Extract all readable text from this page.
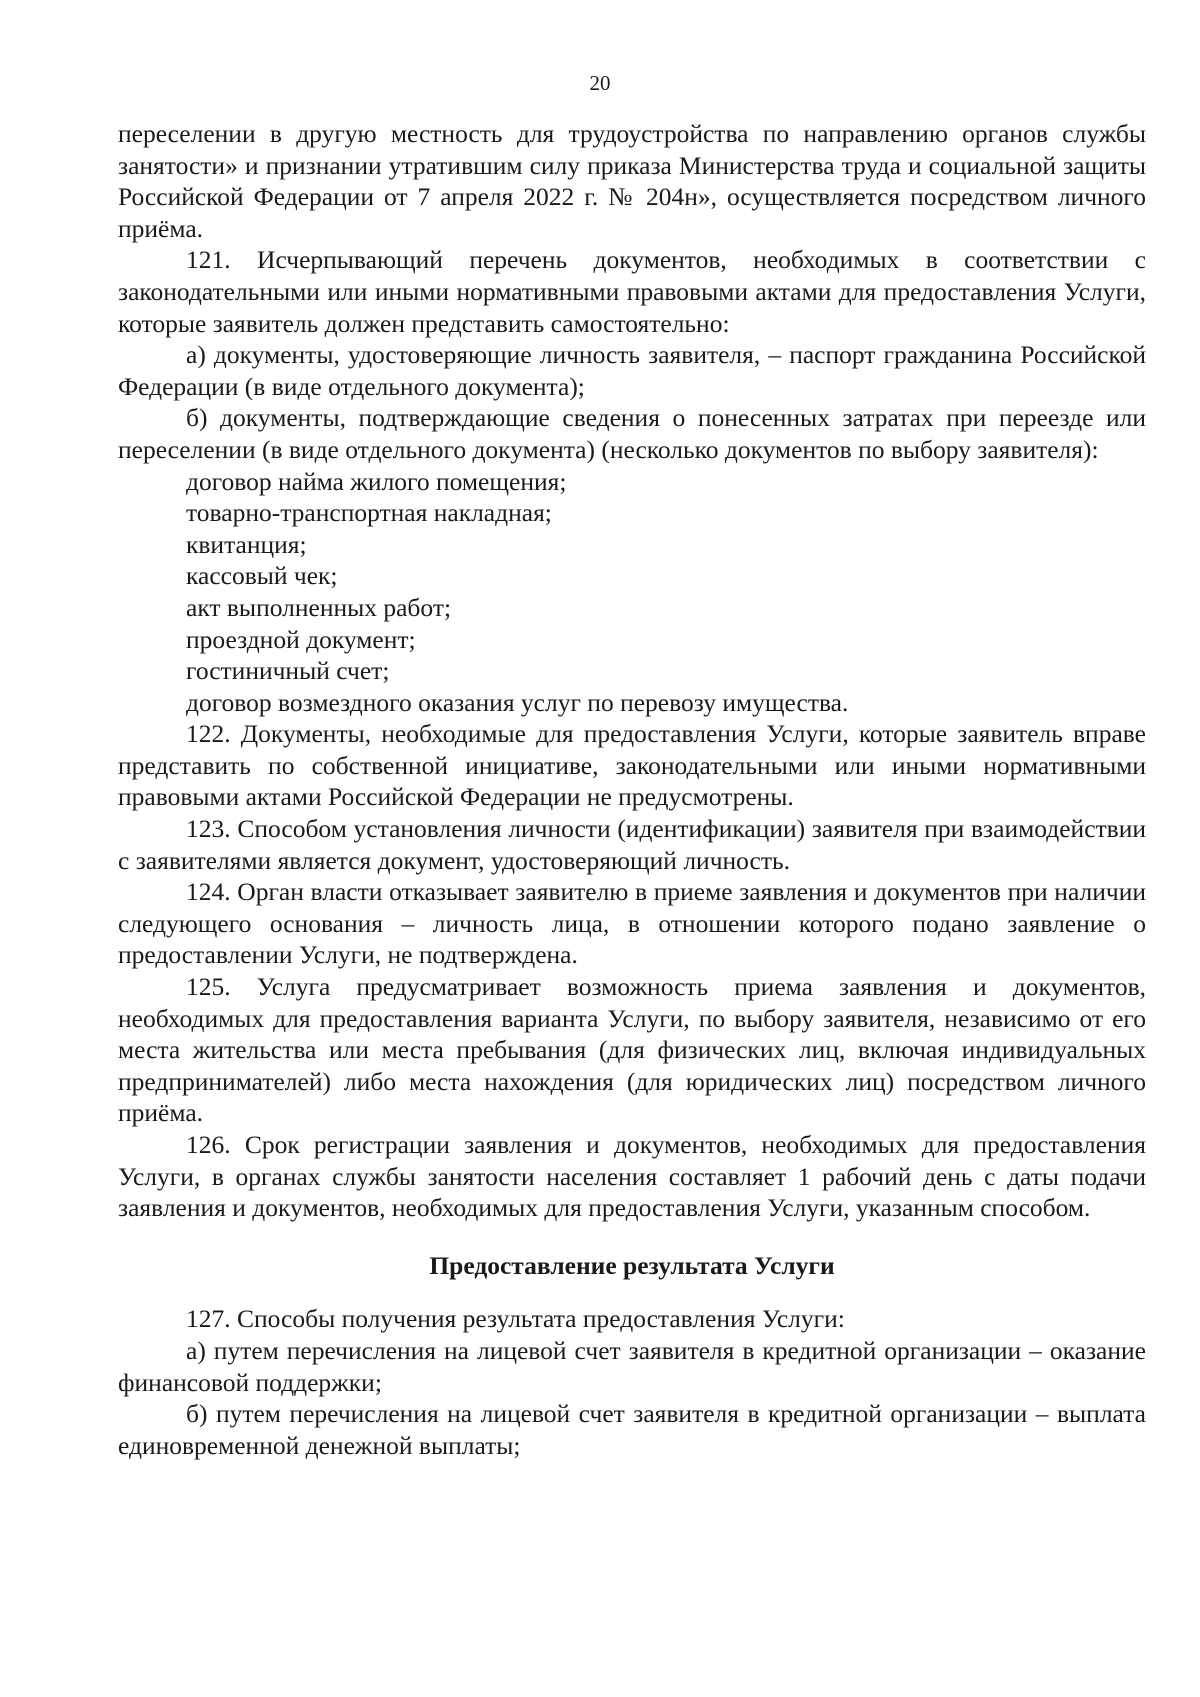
20

переселении в другую местность для трудоустройства по направлению органов службы занятости» и признании утратившим силу приказа Министерства труда и социальной защиты Российской Федерации от 7 апреля 2022 г. № 204н», осуществляется посредством личного приёма.

121. Исчерпывающий перечень документов, необходимых в соответствии с законодательными или иными нормативными правовыми актами для предоставления Услуги, которые заявитель должен представить самостоятельно:

а) документы, удостоверяющие личность заявителя, – паспорт гражданина Российской Федерации (в виде отдельного документа);

б) документы, подтверждающие сведения о понесенных затратах при переезде или переселении (в виде отдельного документа) (несколько документов по выбору заявителя):

договор найма жилого помещения;

товарно-транспортная накладная;

квитанция;

кассовый чек;

акт выполненных работ;

проездной документ;

гостиничный счет;

договор возмездного оказания услуг по перевозу имущества.

122. Документы, необходимые для предоставления Услуги, которые заявитель вправе представить по собственной инициативе, законодательными или иными нормативными правовыми актами Российской Федерации не предусмотрены.

123. Способом установления личности (идентификации) заявителя при взаимодействии с заявителями является документ, удостоверяющий личность.

124. Орган власти отказывает заявителю в приеме заявления и документов при наличии следующего основания – личность лица, в отношении которого подано заявление о предоставлении Услуги, не подтверждена.

125. Услуга предусматривает возможность приема заявления и документов, необходимых для предоставления варианта Услуги, по выбору заявителя, независимо от его места жительства или места пребывания (для физических лиц, включая индивидуальных предпринимателей) либо места нахождения (для юридических лиц) посредством личного приёма.

126. Срок регистрации заявления и документов, необходимых для предоставления Услуги, в органах службы занятости населения составляет 1 рабочий день с даты подачи заявления и документов, необходимых для предоставления Услуги, указанным способом.

Предоставление результата Услуги

127. Способы получения результата предоставления Услуги:

а) путем перечисления на лицевой счет заявителя в кредитной организации – оказание финансовой поддержки;

б) путем перечисления на лицевой счет заявителя в кредитной организации – выплата единовременной денежной выплаты;
